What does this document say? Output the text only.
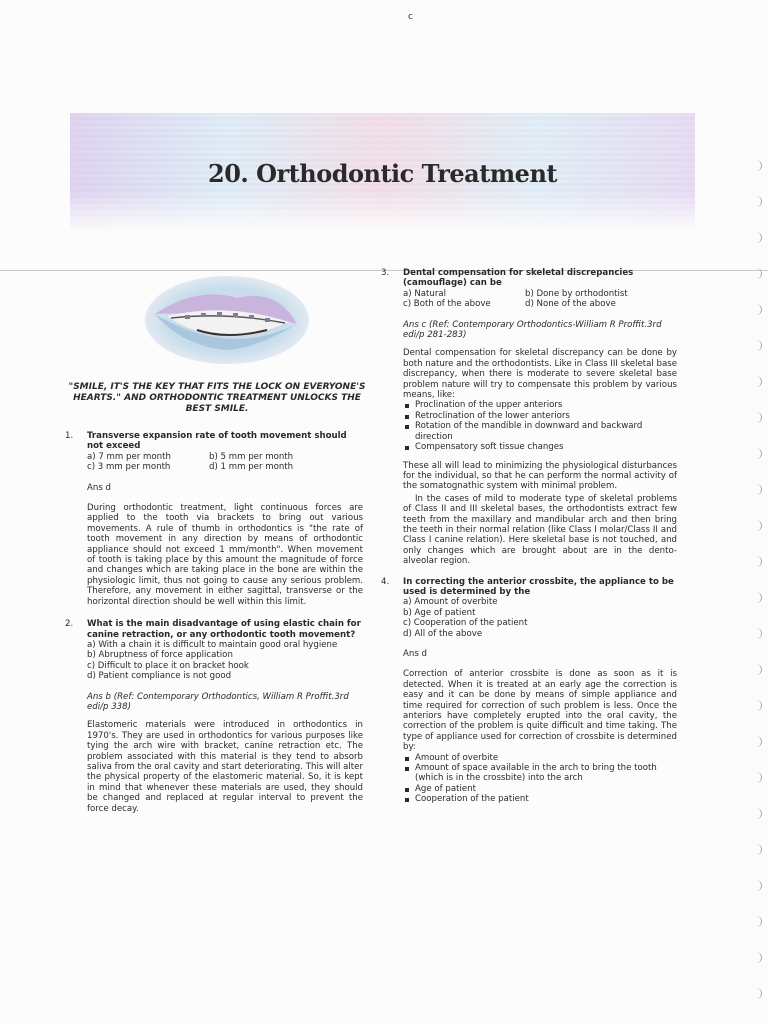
c
20. Orthodontic Treatment
"SMILE, IT'S THE KEY THAT FITS THE LOCK ON EVERYONE'S HEARTS." AND ORTHODONTIC TREATMENT UNLOCKS THE BEST SMILE.
1. Transverse expansion rate of tooth movement should not exceed
a) 7 mm per month	b) 5 mm per month
c) 3 mm per month	d) 1 mm per month
Ans d
During orthodontic treatment, light continuous forces are applied to the tooth via brackets to bring out various movements. A rule of thumb in orthodontics is "the rate of tooth movement in any direction by means of orthodontic appliance should not exceed 1 mm/month". When movement of tooth is taking place by this amount the magnitude of force and changes which are taking place in the bone are within the physiologic limit, thus not going to cause any serious problem. Therefore, any movement in either sagittal, transverse or the horizontal direction should be well within this limit.
2. What is the main disadvantage of using elastic chain for canine retraction, or any orthodontic tooth movement?
a) With a chain it is difficult to maintain good oral hygiene
b) Abruptness of force application
c) Difficult to place it on bracket hook
d) Patient compliance is not good
Ans b (Ref: Contemporary Orthodontics, William R Proffit.3rd edi/p 338)
Elastomeric materials were introduced in orthodontics in 1970's. They are used in orthodontics for various purposes like tying the arch wire with bracket, canine retraction etc. The problem associated with this material is they tend to absorb saliva from the oral cavity and start deteriorating. This will alter the physical property of the elastomeric material. So, it is kept in mind that whenever these materials are used, they should be changed and replaced at regular interval to prevent the force decay.
3. Dental compensation for skeletal discrepancies (camouflage) can be
a) Natural	b) Done by orthodontist
c) Both of the above	d) None of the above
Ans c (Ref: Contemporary Orthodontics-William R Proffit.3rd edi/p 281-283)
Dental compensation for skeletal discrepancy can be done by both nature and the orthodontists. Like in Class III skeletal base discrepancy, when there is moderate to severe skeletal base problem nature will try to compensate this problem by various means, like:
Proclination of the upper anteriors
Retroclination of the lower anteriors
Rotation of the mandible in downward and backward direction
Compensatory soft tissue changes
These all will lead to minimizing the physiological disturbances for the individual, so that he can perform the normal activity of the somatognathic system with minimal problem.
In the cases of mild to moderate type of skeletal problems of Class II and III skeletal bases, the orthodontists extract few teeth from the maxillary and mandibular arch and then bring the teeth in their normal relation (like Class I molar/Class II and Class I canine relation). Here skeletal base is not touched, and only changes which are brought about are in the dento-alveolar region.
4. In correcting the anterior crossbite, the appliance to be used is determined by the
a) Amount of overbite
b) Age of patient
c) Cooperation of the patient
d) All of the above
Ans d
Correction of anterior crossbite is done as soon as it is detected. When it is treated at an early age the correction is easy and it can be done by means of simple appliance and time required for correction of such problem is less. Once the anteriors have completely erupted into the oral cavity, the correction of the problem is quite difficult and time taking. The type of appliance used for correction of crossbite is determined by:
Amount of overbite
Amount of space available in the arch to bring the tooth (which is in the crossbite) into the arch
Age of patient
Cooperation of the patient
